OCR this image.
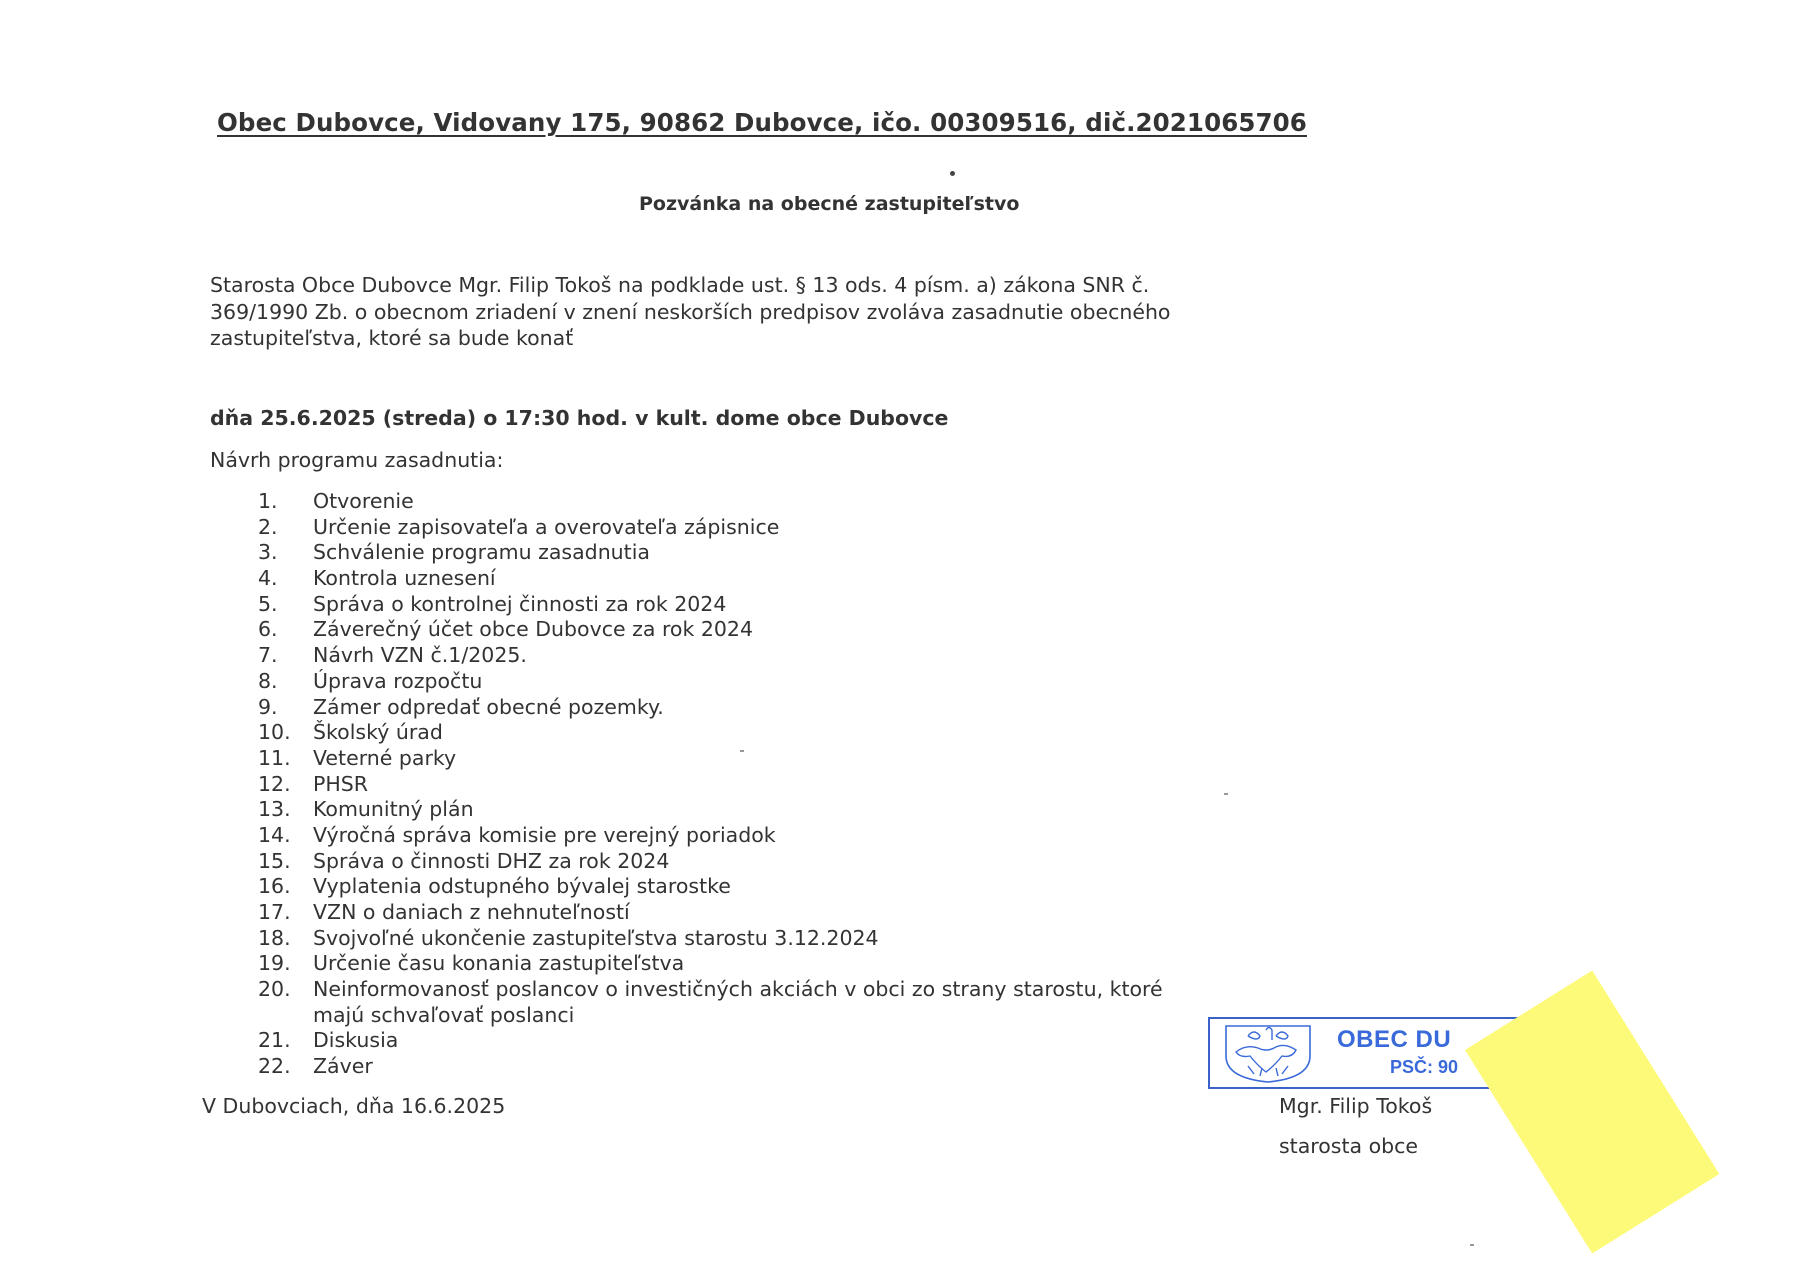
Obec Dubovce, Vidovany 175, 90862 Dubovce, ičo. 00309516, dič.2021065706
Pozvánka na obecné zastupiteľstvo
Starosta Obce Dubovce Mgr. Filip Tokoš na podklade ust. § 13 ods. 4 písm. a) zákona SNR č.
369/1990 Zb. o obecnom zriadení v znení neskorších predpisov zvoláva zasadnutie obecného
zastupiteľstva, ktoré sa bude konať
dňa 25.6.2025 (streda) o 17:30 hod. v kult. dome obce Dubovce
Návrh programu zasadnutia:
1.	Otvorenie
2.	Určenie zapisovateľa a overovateľa zápisnice
3.	Schválenie programu zasadnutia
4.	Kontrola uznesení
5.	Správa o kontrolnej činnosti za rok 2024
6.	Záverečný účet obce Dubovce za rok 2024
7.	Návrh VZN č.1/2025.
8.	Úprava rozpočtu
9.	Zámer odpredať obecné pozemky.
10.	Školský úrad
11.	Veterné parky
12.	PHSR
13.	Komunitný plán
14.	Výročná správa komisie pre verejný poriadok
15.	Správa o činnosti DHZ za rok 2024
16.	Vyplatenia odstupného bývalej starostke
17.	VZN o daniach z nehnuteľností
18.	Svojvoľné ukončenie zastupiteľstva starostu 3.12.2024
19.	Určenie času konania zastupiteľstva
20.	Neinformovanosť poslancov o investičných akciách v obci zo strany starostu, ktoré
majú schvaľovať poslanci
21.	Diskusia
22.	Záver
V Dubovciach, dňa 16.6.2025
OBEC DU
PSČ: 90
Mgr. Filip Tokoš
starosta obce
